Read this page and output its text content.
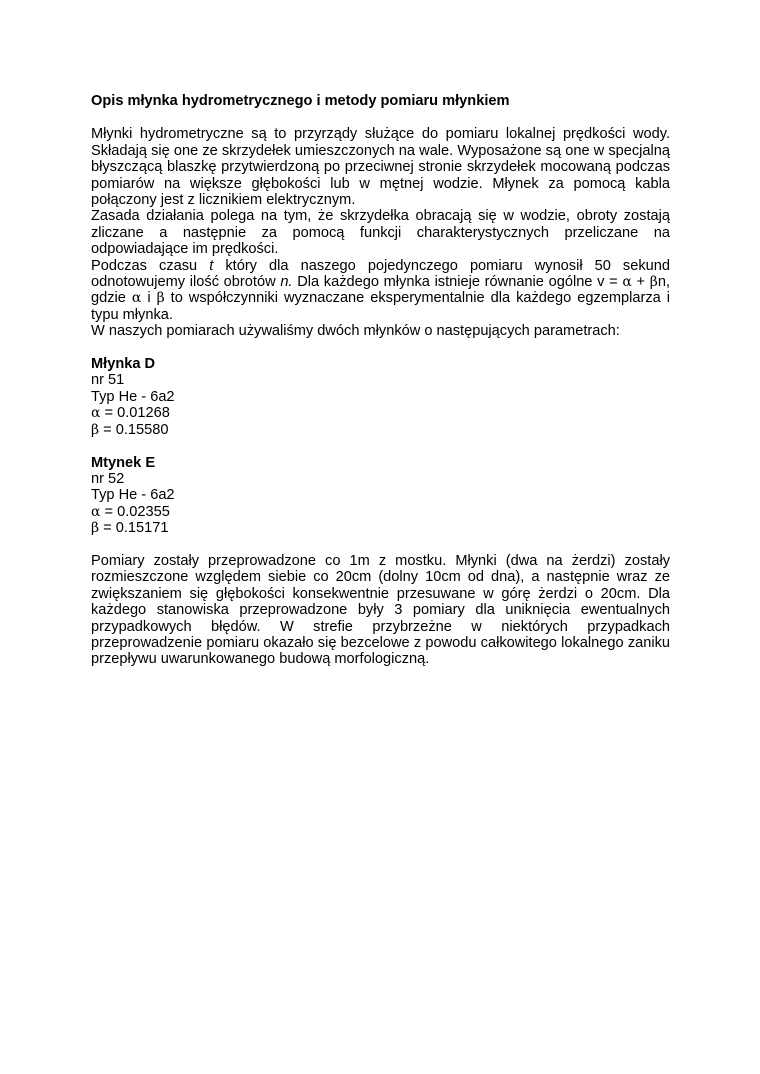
Opis młynka hydrometrycznego i metody pomiaru młynkiem

Młynki hydrometryczne są to przyrządy służące do pomiaru lokalnej prędkości wody. Składają się one ze skrzydełek umieszczonych na wale. Wyposażone są one w specjalną błyszczącą blaszkę przytwierdzoną po przeciwnej stronie skrzydełek mocowaną podczas pomiarów na większe głębokości lub w mętnej wodzie. Młynek za pomocą kabla połączony jest z licznikiem elektrycznym.

Zasada działania polega na tym, że skrzydełka obracają się w wodzie, obroty zostają zliczane a następnie za pomocą funkcji charakterystycznych przeliczane na odpowiadające im prędkości.

Podczas czasu t który dla naszego pojedynczego pomiaru wynosił 50 sekund odnotowujemy ilość obrotów n. Dla każdego młynka istnieje równanie ogólne v = α + βn, gdzie α i β to współczynniki wyznaczane eksperymentalnie dla każdego egzemplarza i typu młynka.

W naszych pomiarach używaliśmy dwóch młynków o następujących parametrach:

Młynka D

nr 51

Typ He - 6a2

α = 0.01268

β = 0.15580

Mtynek E

nr 52

Typ He - 6a2

α = 0.02355

β = 0.15171

Pomiary zostały przeprowadzone co 1m z mostku. Młynki (dwa na żerdzi) zostały rozmieszczone względem siebie co 20cm (dolny 10cm od dna), a następnie wraz ze zwiększaniem się głębokości konsekwentnie przesuwane w górę żerdzi o 20cm. Dla każdego stanowiska przeprowadzone były 3 pomiary dla uniknięcia ewentualnych przypadkowych błędów. W strefie przybrzeżne w niektórych przypadkach przeprowadzenie pomiaru okazało się bezcelowe z powodu całkowitego lokalnego zaniku przepływu uwarunkowanego budową morfologiczną.
